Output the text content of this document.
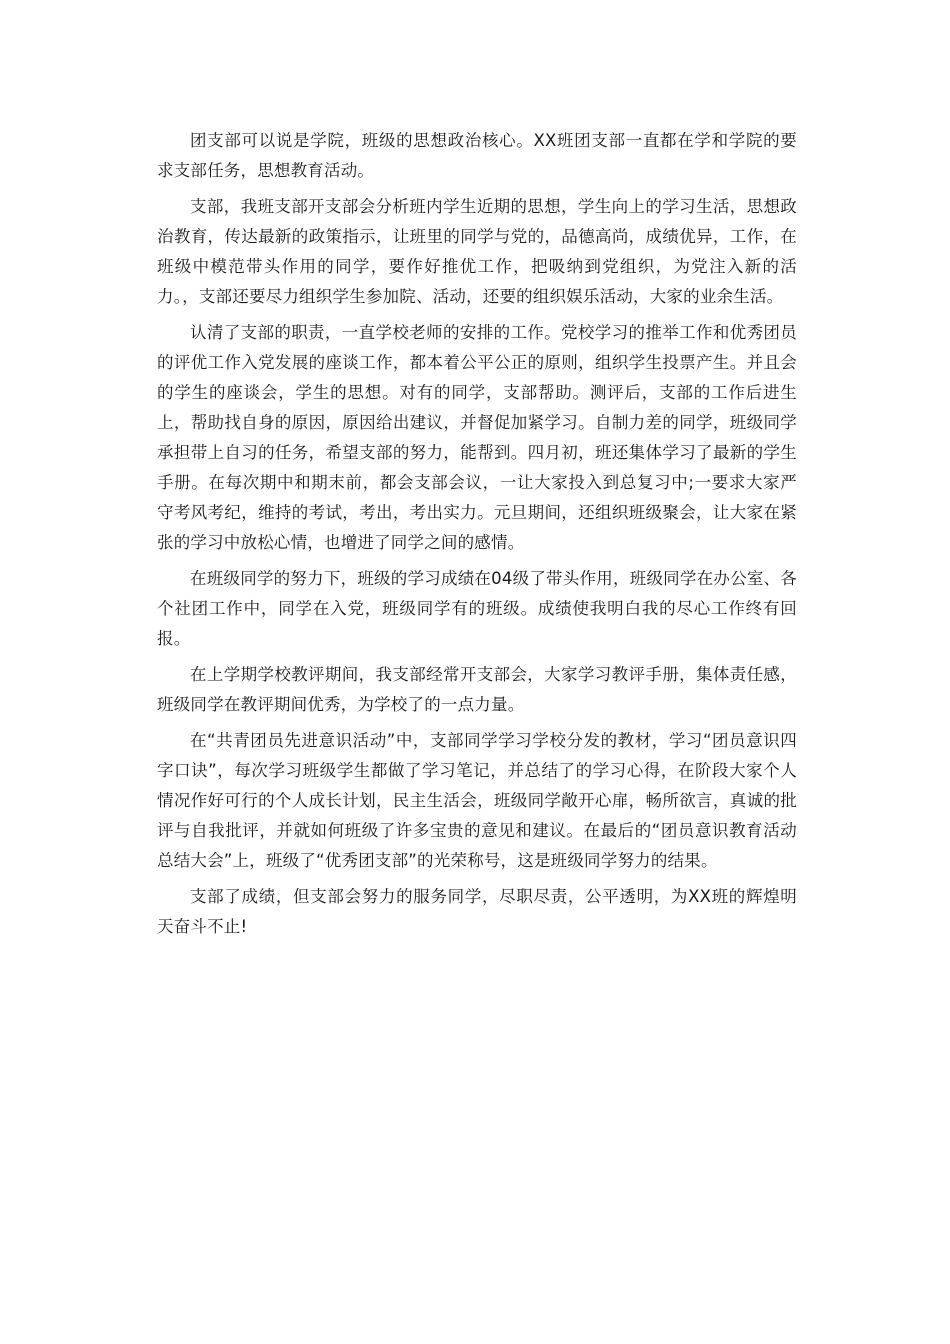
团支部可以说是学院，班级的思想政治核心。XX班团支部一直都在学和学院的要求支部任务，思想教育活动。

支部，我班支部开支部会分析班内学生近期的思想，学生向上的学习生活，思想政治教育，传达最新的政策指示，让班里的同学与党的，品德高尚，成绩优异，工作，在班级中模范带头作用的同学，要作好推优工作，把吸纳到党组织，为党注入新的活力。，支部还要尽力组织学生参加院、活动，还要的组织娱乐活动，大家的业余生活。

认清了支部的职责，一直学校老师的安排的工作。党校学习的推举工作和优秀团员的评优工作入党发展的座谈工作，都本着公平公正的原则，组织学生投票产生。并且会的学生的座谈会，学生的思想。对有的同学，支部帮助。测评后，支部的工作后进生上，帮助找自身的原因，原因给出建议，并督促加紧学习。自制力差的同学，班级同学承担带上自习的任务，希望支部的努力，能帮到。四月初，班还集体学习了最新的学生手册。在每次期中和期末前，都会支部会议，一让大家投入到总复习中;一要求大家严守考风考纪，维持的考试，考出，考出实力。元旦期间，还组织班级聚会，让大家在紧张的学习中放松心情，也增进了同学之间的感情。

在班级同学的努力下，班级的学习成绩在04级了带头作用，班级同学在办公室、各个社团工作中，同学在入党，班级同学有的班级。成绩使我明白我的尽心工作终有回报。

在上学期学校教评期间，我支部经常开支部会，大家学习教评手册，集体责任感，班级同学在教评期间优秀，为学校了的一点力量。

在“共青团员先进意识活动”中，支部同学学习学校分发的教材，学习“团员意识四字口诀”，每次学习班级学生都做了学习笔记，并总结了的学习心得，在阶段大家个人情况作好可行的个人成长计划，民主生活会，班级同学敞开心扉，畅所欲言，真诚的批评与自我批评，并就如何班级了许多宝贵的意见和建议。在最后的“团员意识教育活动总结大会”上，班级了“优秀团支部”的光荣称号，这是班级同学努力的结果。

支部了成绩，但支部会努力的服务同学，尽职尽责，公平透明，为XX班的辉煌明天奋斗不止!
